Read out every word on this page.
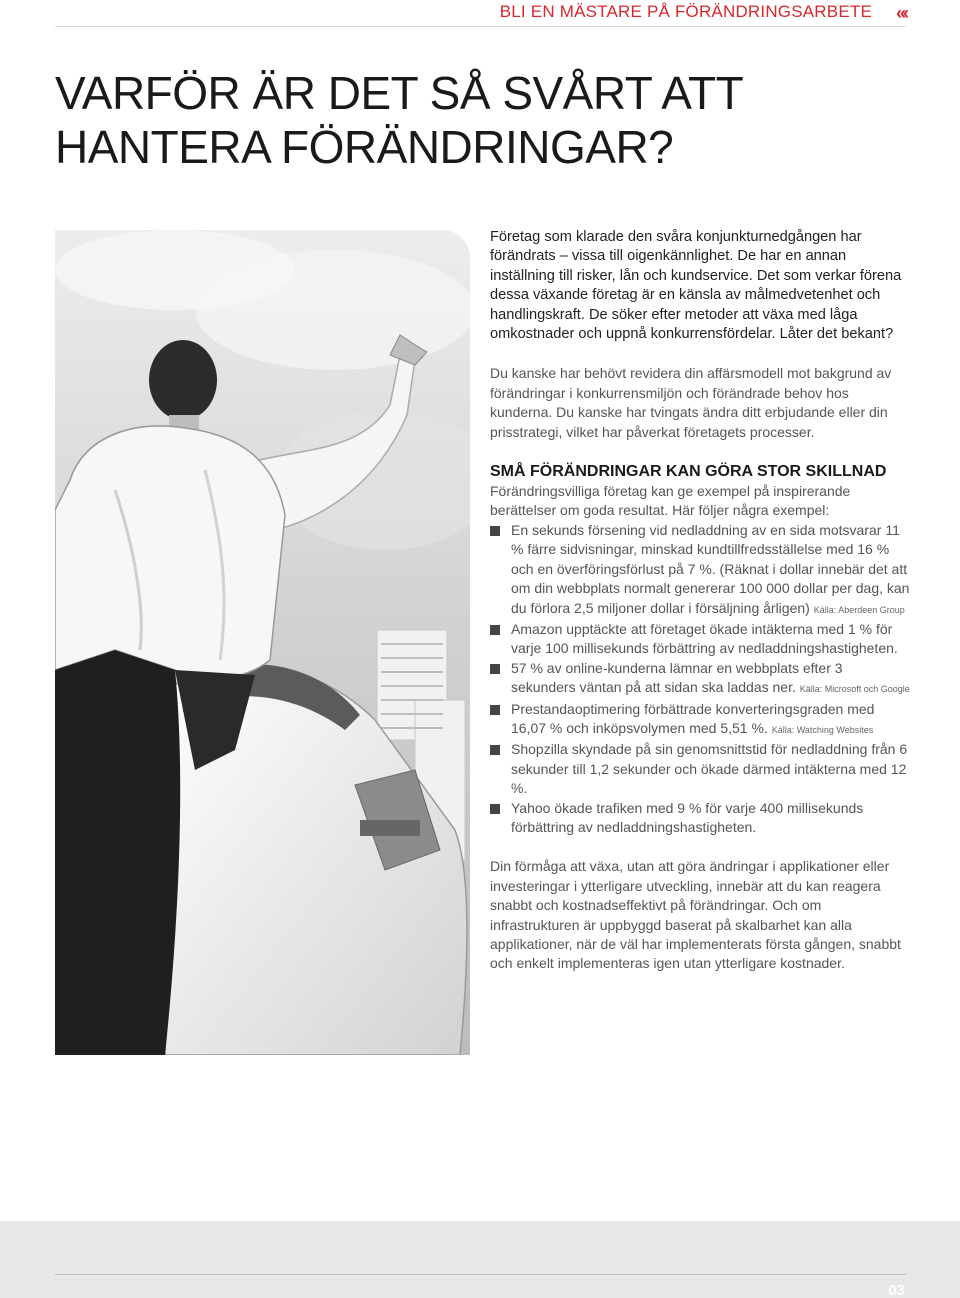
BLI EN MÄSTARE PÅ FÖRÄNDRINGSARBETE «‹
VARFÖR ÄR DET SÅ SVÅRT ATT
HANTERA FÖRÄNDRINGAR?

Företag som klarade den svåra konjunkturnedgången har förändrats – vissa till oigenkännlighet. De har en annan inställning till risker, lån och kundservice. Det som verkar förena dessa växande företag är en känsla av målmedvetenhet och handlingskraft. De söker efter metoder att växa med låga omkostnader och uppnå konkurrensfördelar. Låter det bekant?

Du kanske har behövt revidera din affärsmodell mot bakgrund av förändringar i konkurrensmiljön och förändrade behov hos kunderna. Du kanske har tvingats ändra ditt erbjudande eller din prisstrategi, vilket har påverkat företagets processer.

SMÅ FÖRÄNDRINGAR KAN GÖRA STOR SKILLNAD

Förändringsvilliga företag kan ge exempel på inspirerande berättelser om goda resultat. Här följer några exempel:

En sekunds försening vid nedladdning av en sida motsvarar 11 % färre sidvisningar, minskad kundtillfredsställelse med 16 % och en överföringsförlust på 7 %. (Räknat i dollar innebär det att om din webbplats normalt genererar 100 000 dollar per dag, kan du förlora 2,5 miljoner dollar i försäljning årligen) Källa: Aberdeen Group
Amazon upptäckte att företaget ökade intäkterna med 1 % för varje 100 millisekunds förbättring av nedladdningshastigheten.
57 % av online-kunderna lämnar en webbplats efter 3 sekunders väntan på att sidan ska laddas ner. Källa: Microsoft och Google
Prestandaoptimering förbättrade konverteringsgraden med 16,07 % och inköpsvolymen med 5,51 %. Källa: Watching Websites
Shopzilla skyndade på sin genomsnittstid för nedladdning från 6 sekunder till 1,2 sekunder och ökade därmed intäkterna med 12 %.
Yahoo ökade trafiken med 9 % för varje 400 millisekunds förbättring av nedladdningshastigheten.

Din förmåga att växa, utan att göra ändringar i applikationer eller investeringar i ytterligare utveckling, innebär att du kan reagera snabbt och kostnadseffektivt på förändringar. Och om infrastrukturen är uppbyggd baserat på skalbarhet kan alla applikationer, när de väl har implementerats första gången, snabbt och enkelt implementeras igen utan ytterligare kostnader.

03
